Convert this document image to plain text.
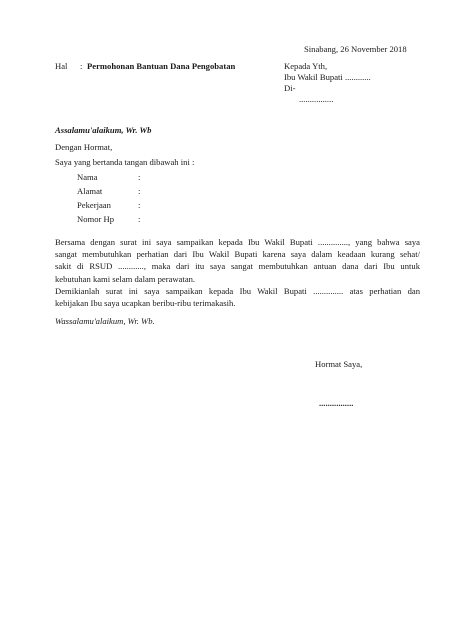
Sinabang, 26 November 2018
Hal : Permohonan Bantuan Dana Pengobatan	Kepada Yth,
Ibu Wakil Bupati ............
Di-
................
Assalamu'alaikum, Wr. Wb
Dengan Hormat,
Saya yang bertanda tangan dibawah ini :
Nama	:
Alamat	:
Pekerjaan	:
Nomor Hp	:
Bersama dengan surat ini saya sampaikan kepada Ibu Wakil Bupati .............., yang bahwa saya
sangat membutuhkan perhatian dari Ibu Wakil Bupati karena saya dalam keadaan kurang sehat/
sakit di RSUD ............, maka dari itu saya sangat membutuhkan antuan dana dari Ibu untuk
kebutuhan kami selam dalam perawatan.
Demikianlah surat ini saya sampaikan kepada Ibu Wakil Bupati .............. atas perhatian dan
kebijakan Ibu saya ucapkan beribu-ribu terimakasih.
Wassalamu'alaikum, Wr. Wb.
Hormat Saya,
................
